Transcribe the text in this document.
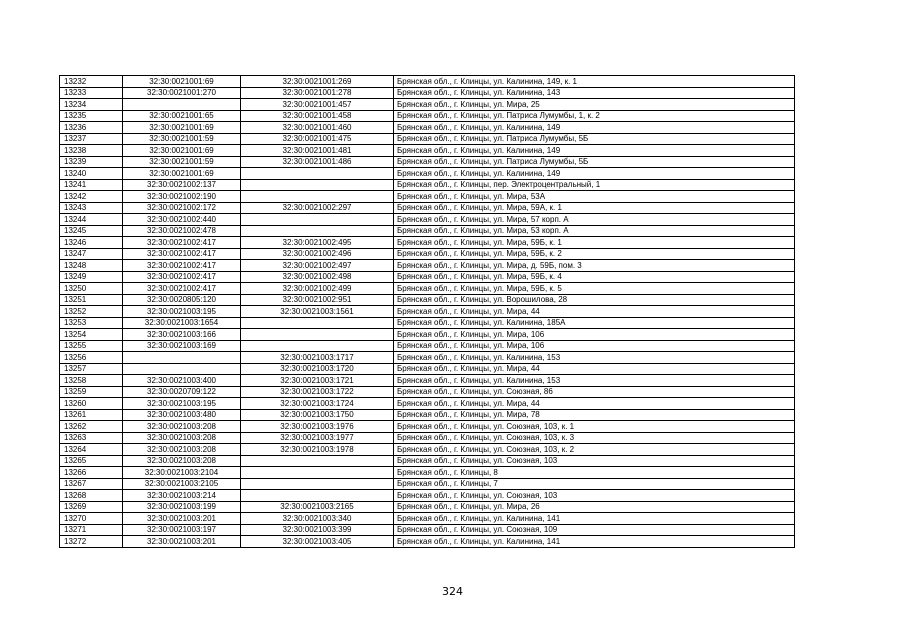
13232	32:30:0021001:69	32:30:0021001:269	Брянская обл., г. Клинцы, ул. Калинина, 149, к. 1
13233	32:30:0021001:270	32:30:0021001:278	Брянская обл., г. Клинцы, ул. Калинина, 143
13234		32:30:0021001:457	Брянская обл., г. Клинцы, ул. Мира, 25
13235	32:30:0021001:65	32:30:0021001:458	Брянская обл., г. Клинцы, ул. Патриса Лумумбы, 1, к. 2
13236	32:30:0021001:69	32:30:0021001:460	Брянская обл., г. Клинцы, ул. Калинина, 149
13237	32:30:0021001:59	32:30:0021001:475	Брянская обл., г. Клинцы, ул. Патриса Лумумбы, 5Б
13238	32:30:0021001:69	32:30:0021001:481	Брянская обл., г. Клинцы, ул. Калинина, 149
13239	32:30:0021001:59	32:30:0021001:486	Брянская обл., г. Клинцы, ул. Патриса Лумумбы, 5Б
13240	32:30:0021001:69		Брянская обл., г. Клинцы, ул. Калинина, 149
13241	32:30:0021002:137		Брянская обл., г. Клинцы, пер. Электроцентральный, 1
13242	32:30:0021002:190		Брянская обл., г. Клинцы, ул. Мира, 53А
13243	32:30:0021002:172	32:30:0021002:297	Брянская обл., г. Клинцы, ул. Мира, 59А, к. 1
13244	32:30:0021002:440		Брянская обл., г. Клинцы, ул. Мира, 57 корп. А
13245	32:30:0021002:478		Брянская обл., г. Клинцы, ул. Мира, 53 корп. А
13246	32:30:0021002:417	32:30:0021002:495	Брянская обл., г. Клинцы, ул. Мира, 59Б, к. 1
13247	32:30:0021002:417	32:30:0021002:496	Брянская обл., г. Клинцы, ул. Мира, 59Б, к. 2
13248	32:30:0021002:417	32:30:0021002:497	Брянская обл., г. Клинцы, ул. Мира, д. 59Б, пом. 3
13249	32:30:0021002:417	32:30:0021002:498	Брянская обл., г. Клинцы, ул. Мира, 59Б, к. 4
13250	32:30:0021002:417	32:30:0021002:499	Брянская обл., г. Клинцы, ул. Мира, 59Б, к. 5
13251	32:30:0020805:120	32:30:0021002:951	Брянская обл., г. Клинцы, ул. Ворошилова, 28
13252	32:30:0021003:195	32:30:0021003:1561	Брянская обл., г. Клинцы, ул. Мира, 44
13253	32:30:0021003:1654		Брянская обл., г. Клинцы, ул. Калинина, 185А
13254	32:30:0021003:166		Брянская обл., г. Клинцы, ул. Мира, 106
13255	32:30:0021003:169		Брянская обл., г. Клинцы, ул. Мира, 106
13256		32:30:0021003:1717	Брянская обл., г. Клинцы, ул. Калинина, 153
13257		32:30:0021003:1720	Брянская обл., г. Клинцы, ул. Мира, 44
13258	32:30:0021003:400	32:30:0021003:1721	Брянская обл., г. Клинцы, ул. Калинина, 153
13259	32:30:0020709:122	32:30:0021003:1722	Брянская обл., г. Клинцы, ул. Союзная, 86
13260	32:30:0021003:195	32:30:0021003:1724	Брянская обл., г. Клинцы, ул. Мира, 44
13261	32:30:0021003:480	32:30:0021003:1750	Брянская обл., г. Клинцы, ул. Мира, 78
13262	32:30:0021003:208	32:30:0021003:1976	Брянская обл., г. Клинцы, ул. Союзная, 103, к. 1
13263	32:30:0021003:208	32:30:0021003:1977	Брянская обл., г. Клинцы, ул. Союзная, 103, к. 3
13264	32:30:0021003:208	32:30:0021003:1978	Брянская обл., г. Клинцы, ул. Союзная, 103, к. 2
13265	32:30:0021003:208		Брянская обл., г. Клинцы, ул. Союзная, 103
13266	32:30:0021003:2104		Брянская обл., г. Клинцы, 8
13267	32:30:0021003:2105		Брянская обл., г. Клинцы, 7
13268	32:30:0021003:214		Брянская обл., г. Клинцы, ул. Союзная, 103
13269	32:30:0021003:199	32:30:0021003:2165	Брянская обл., г. Клинцы, ул. Мира, 26
13270	32:30:0021003:201	32:30:0021003:340	Брянская обл., г. Клинцы, ул. Калинина, 141
13271	32:30:0021003:197	32:30:0021003:399	Брянская обл., г. Клинцы, ул. Союзная, 109
13272	32:30:0021003:201	32:30:0021003:405	Брянская обл., г. Клинцы, ул. Калинина, 141
324
